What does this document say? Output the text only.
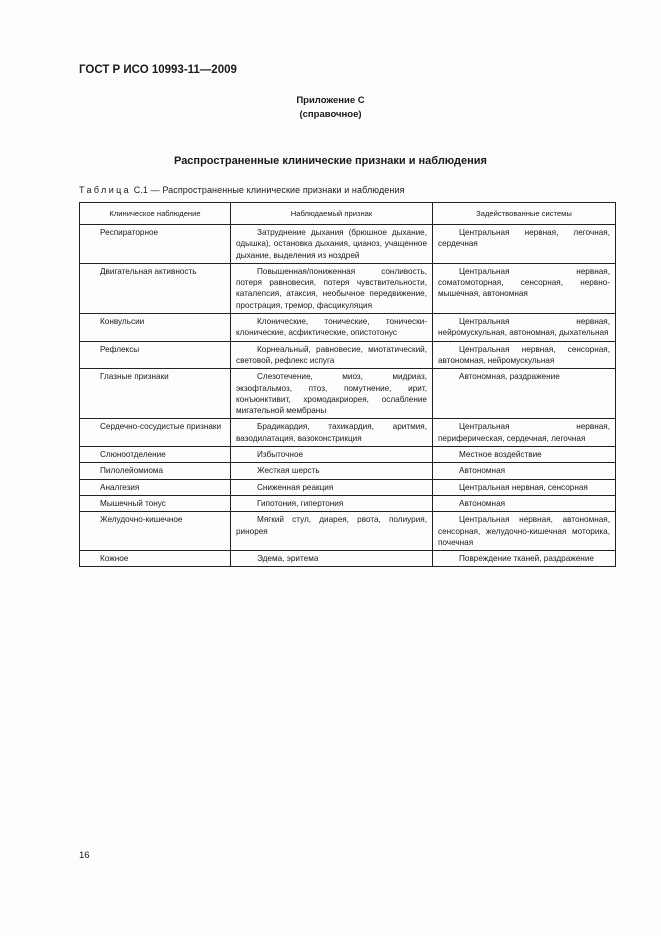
ГОСТ Р ИСО 10993-11—2009
Приложение С
(справочное)
Распространенные клинические признаки и наблюдения
Таблица С.1 — Распространенные клинические признаки и наблюдения
Клиническое наблюдение	Наблюдаемый признак	Задействованные системы
Респираторное	Затруднение дыхания (брюшное дыхание, одышка), остановка дыхания, цианоз, учащенное дыхание, выделения из ноздрей	Центральная нервная, легочная, сердечная
Двигательная активность	Повышенная/пониженная сонливость, потеря равновесия, потеря чувствительности, каталепсия, атаксия, необычное передвижение, прострация, тремор, фасцикуляция	Центральная нервная, соматомоторная, сенсорная, нервно-мышечная, автономная
Конвульсии	Клонические, тонические, тонически-клонические, асфиктические, опистотонус	Центральная нервная, нейромускульная, автономная, дыхательная
Рефлексы	Корнеальный, равновесие, миотатический, световой, рефлекс испуга	Центральная нервная, сенсорная, автономная, нейромускульная
Глазные признаки	Слезотечение, миоз, мидриаз, экзофтальмоз, птоз, помутнение, ирит, конъюнктивит, хромодакриорея, ослабление мигательной мембраны	Автономная, раздражение
Сердечно-сосудистые признаки	Брадикардия, тахикардия, аритмия, вазодилатация, вазоконстрикция	Центральная нервная, периферическая, сердечная, легочная
Слюноотделение	Избыточное	Местное воздействие
Пилолейомиома	Жесткая шерсть	Автономная
Аналгезия	Сниженная реакция	Центральная нервная, сенсорная
Мышечный тонус	Гипотония, гипертония	Автономная
Желудочно-кишечное	Мягкий стул, диарея, рвота, полиурия, ринорея	Центральная нервная, автономная, сенсорная, желудочно-кишечная моторика, почечная
Кожное	Эдема, эритема	Повреждение тканей, раздражение
16
